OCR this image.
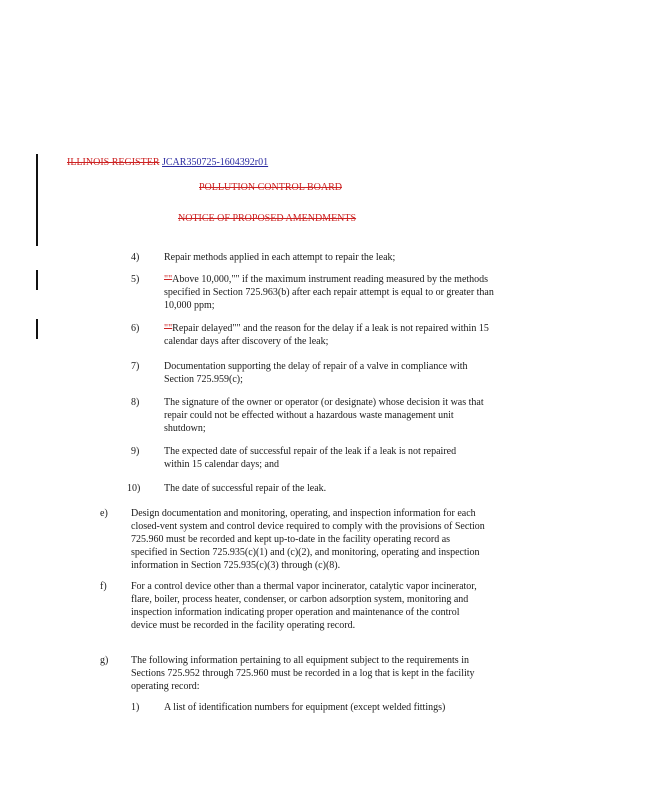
ILLINOIS REGISTER JCAR350725-1604392r01
POLLUTION CONTROL BOARD
NOTICE OF PROPOSED AMENDMENTS
4) Repair methods applied in each attempt to repair the leak;
5) ""Above 10,000,"" if the maximum instrument reading measured by the methods specified in Section 725.963(b) after each repair attempt is equal to or greater than 10,000 ppm;
6) ""Repair delayed"" and the reason for the delay if a leak is not repaired within 15 calendar days after discovery of the leak;
7) Documentation supporting the delay of repair of a valve in compliance with Section 725.959(c);
8) The signature of the owner or operator (or designate) whose decision it was that repair could not be effected without a hazardous waste management unit shutdown;
9) The expected date of successful repair of the leak if a leak is not repaired within 15 calendar days; and
10) The date of successful repair of the leak.
e) Design documentation and monitoring, operating, and inspection information for each closed-vent system and control device required to comply with the provisions of Section 725.960 must be recorded and kept up-to-date in the facility operating record as specified in Section 725.935(c)(1) and (c)(2), and monitoring, operating and inspection information in Section 725.935(c)(3) through (c)(8).
f) For a control device other than a thermal vapor incinerator, catalytic vapor incinerator, flare, boiler, process heater, condenser, or carbon adsorption system, monitoring and inspection information indicating proper operation and maintenance of the control device must be recorded in the facility operating record.
g) The following information pertaining to all equipment subject to the requirements in Sections 725.952 through 725.960 must be recorded in a log that is kept in the facility operating record:
1) A list of identification numbers for equipment (except welded fittings)
